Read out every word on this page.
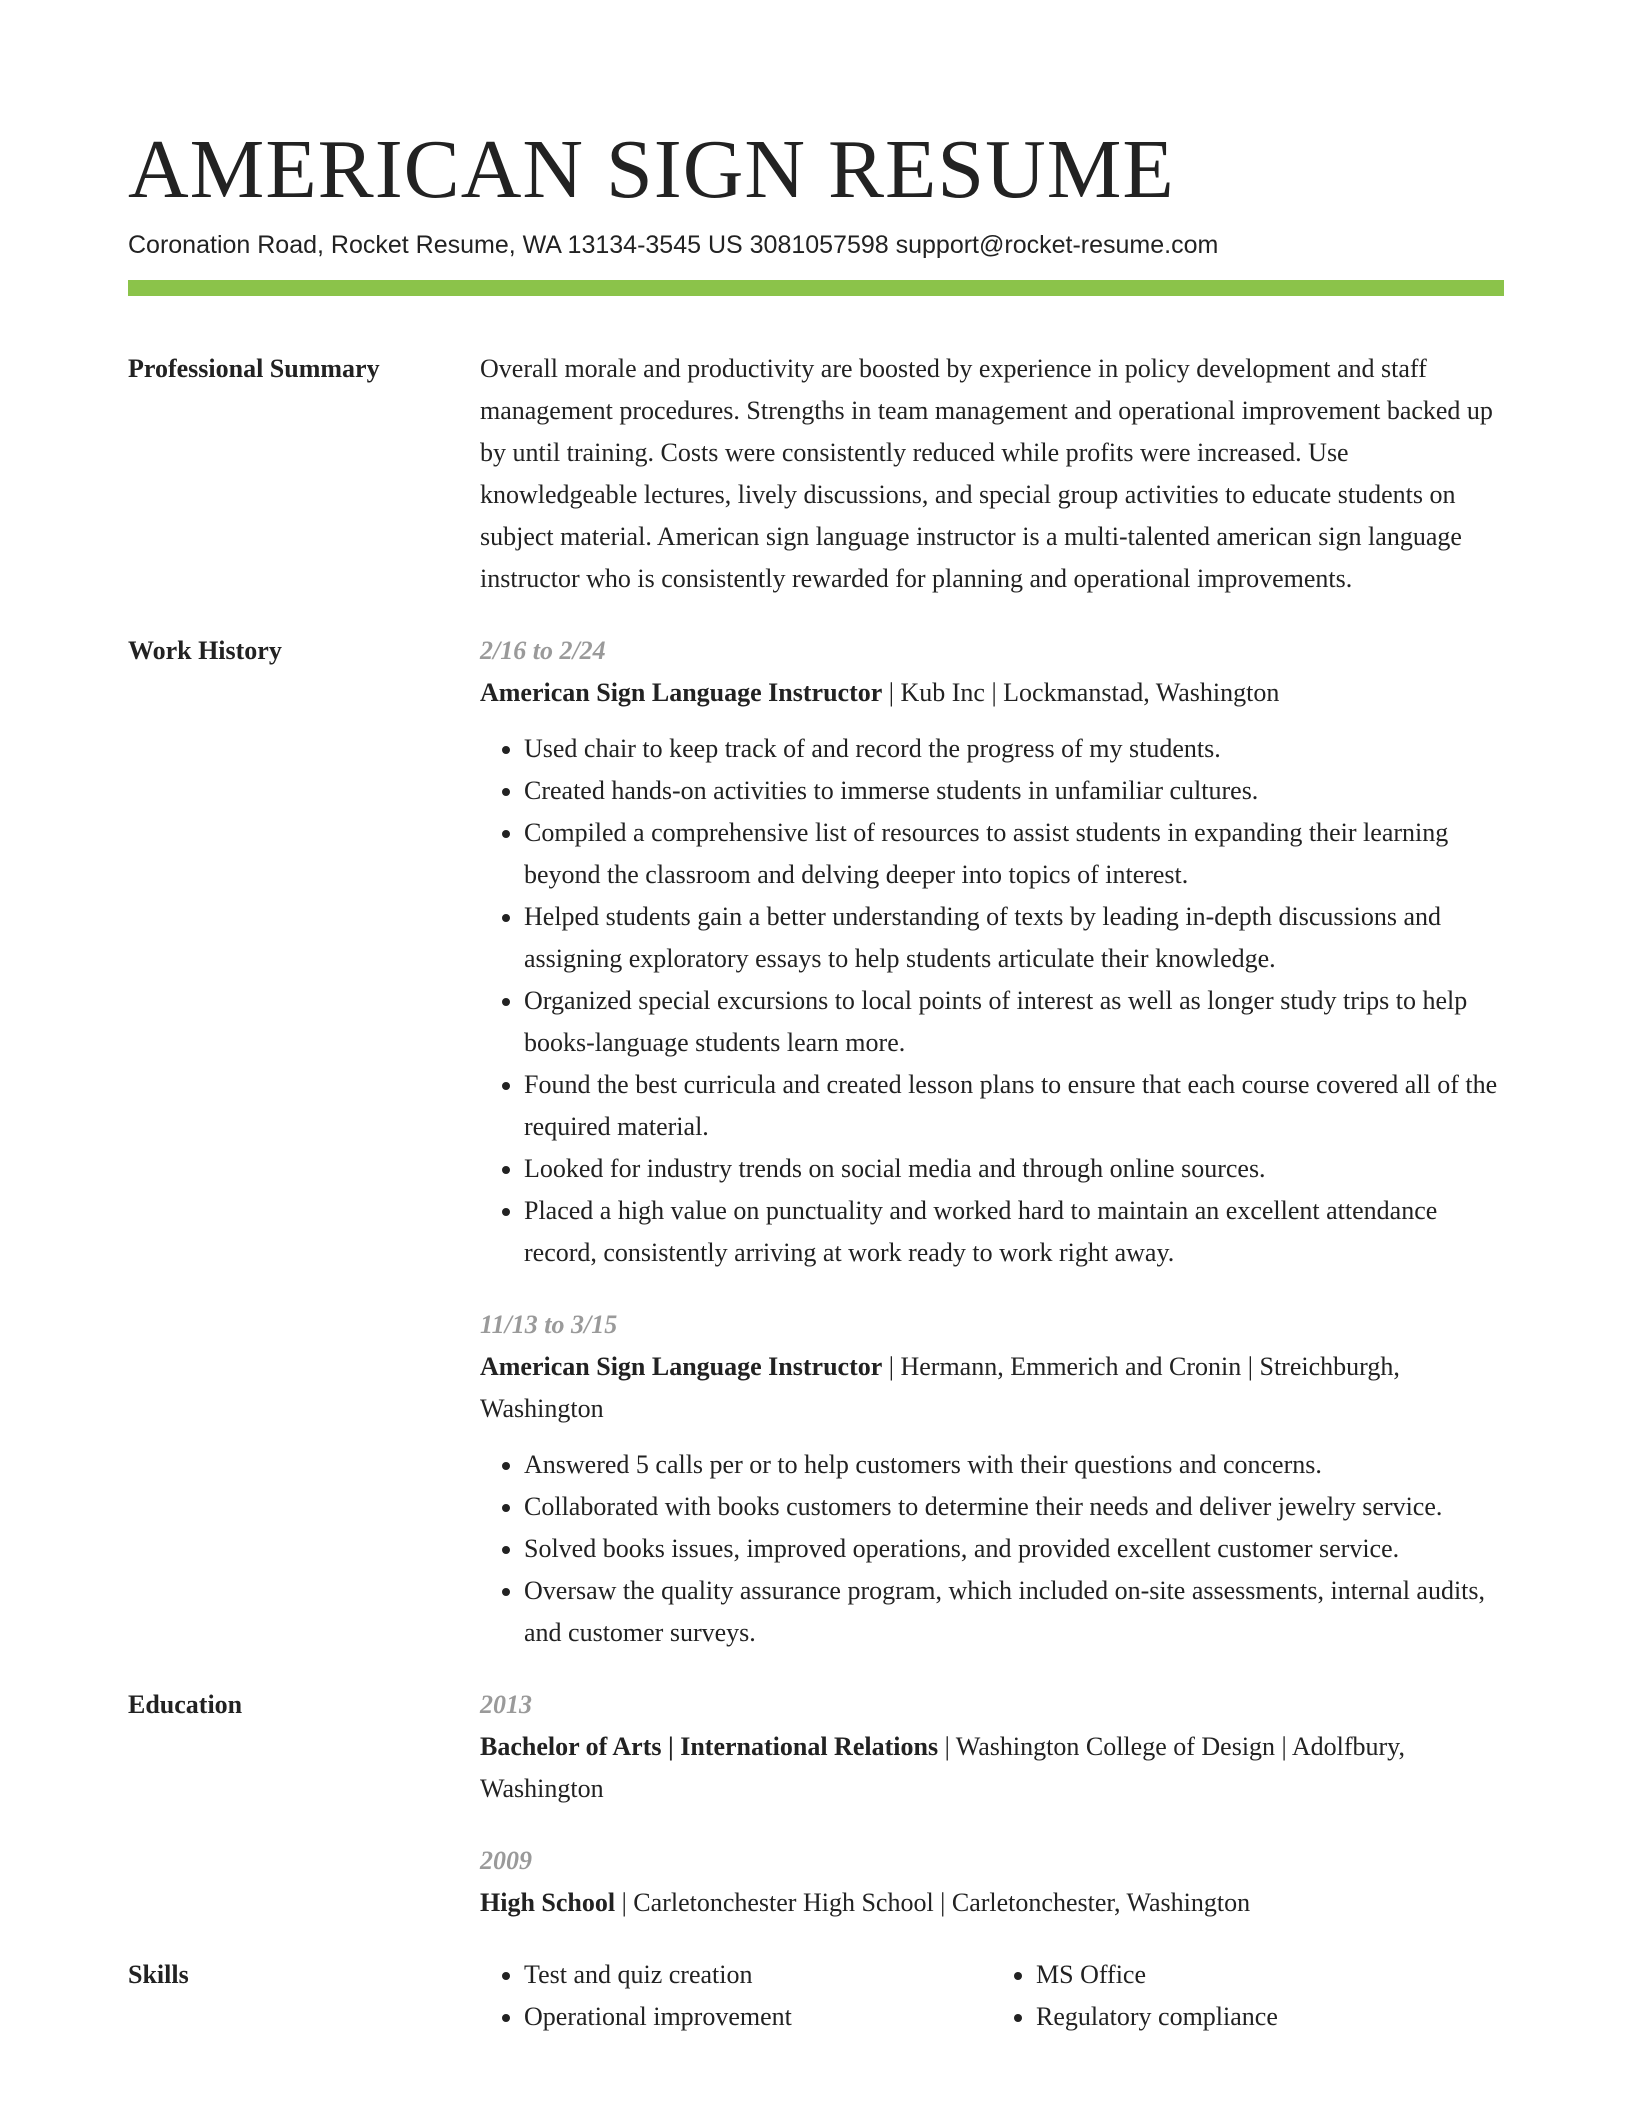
AMERICAN SIGN RESUME
Coronation Road, Rocket Resume, WA 13134-3545 US 3081057598 support@rocket-resume.com
Professional Summary	Overall morale and productivity are boosted by experience in policy development and staff management procedures. Strengths in team management and operational improvement backed up by until training. Costs were consistently reduced while profits were increased. Use knowledgeable lectures, lively discussions, and special group activities to educate students on subject material. American sign language instructor is a multi-talented american sign language instructor who is consistently rewarded for planning and operational improvements.

Work History	2/16 to 2/24

American Sign Language Instructor | Kub Inc | Lockmanstad, Washington

• Used chair to keep track of and record the progress of my students.
• Created hands-on activities to immerse students in unfamiliar cultures.
• Compiled a comprehensive list of resources to assist students in expanding their learning beyond the classroom and delving deeper into topics of interest.
• Helped students gain a better understanding of texts by leading in-depth discussions and assigning exploratory essays to help students articulate their knowledge.
• Organized special excursions to local points of interest as well as longer study trips to help books-language students learn more.
• Found the best curricula and created lesson plans to ensure that each course covered all of the required material.
• Looked for industry trends on social media and through online sources.
• Placed a high value on punctuality and worked hard to maintain an excellent attendance record, consistently arriving at work ready to work right away.
11/13 to 3/15

American Sign Language Instructor | Hermann, Emmerich and Cronin | Streichburgh, Washington

• Answered 5 calls per or to help customers with their questions and concerns.
• Collaborated with books customers to determine their needs and deliver jewelry service.
• Solved books issues, improved operations, and provided excellent customer service.
• Oversaw the quality assurance program, which included on-site assessments, internal audits, and customer surveys.
Education	2013

Bachelor of Arts | International Relations | Washington College of Design | Adolfbury, Washington

2009

High School | Carletonchester High School | Carletonchester, Washington

Skills
•	Test and quiz creation
• Operational improvement
• MS Office
• Regulatory compliance
